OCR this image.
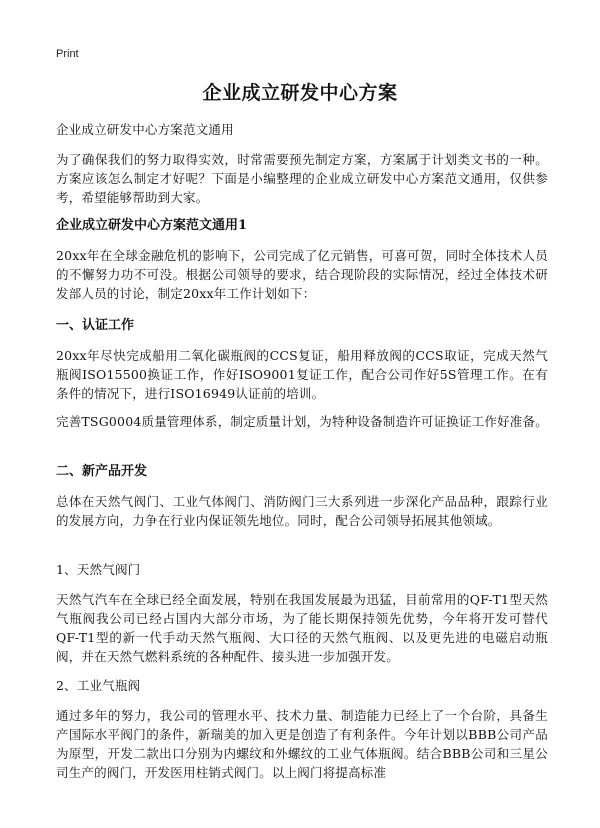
Print
企业成立研发中心方案
企业成立研发中心方案范文通用
为了确保我们的努力取得实效，时常需要预先制定方案，方案属于计划类文书的一种。方案应该怎么制定才好呢？下面是小编整理的企业成立研发中心方案范文通用，仅供参考，希望能够帮助到大家。
企业成立研发中心方案范文通用1
20xx年在全球金融危机的影响下，公司完成了亿元销售，可喜可贺，同时全体技术人员的不懈努力功不可没。根据公司领导的要求，结合现阶段的实际情况，经过全体技术研发部人员的讨论，制定20xx年工作计划如下：
一、认证工作
20xx年尽快完成船用二氧化碳瓶阀的CCS复证，船用释放阀的CCS取证，完成天然气瓶阀ISO15500换证工作，作好ISO9001复证工作，配合公司作好5S管理工作。在有条件的情况下，进行ISO16949认证前的培训。
完善TSG0004质量管理体系，制定质量计划，为特种设备制造许可证换证工作好准备。
二、新产品开发
总体在天然气阀门、工业气体阀门、消防阀门三大系列进一步深化产品品种，跟踪行业的发展方向，力争在行业内保证领先地位。同时，配合公司领导拓展其他领域。
1、天然气阀门
天然气汽车在全球已经全面发展，特别在我国发展最为迅猛，目前常用的QF-T1型天然气瓶阀我公司已经占国内大部分市场，为了能长期保持领先优势，今年将开发可替代QF-T1型的新一代手动天然气瓶阀、大口径的天然气瓶阀、以及更先进的电磁启动瓶阀，并在天然气燃料系统的各种配件、接头进一步加强开发。
2、工业气瓶阀
通过多年的努力，我公司的管理水平、技术力量、制造能力已经上了一个台阶，具备生产国际水平阀门的条件，新瑞美的加入更是创造了有利条件。今年计划以BBB公司产品为原型，开发二款出口分别为内螺纹和外螺纹的工业气体瓶阀。结合BBB公司和三星公司生产的阀门，开发医用柱销式阀门。以上阀门将提高标准
